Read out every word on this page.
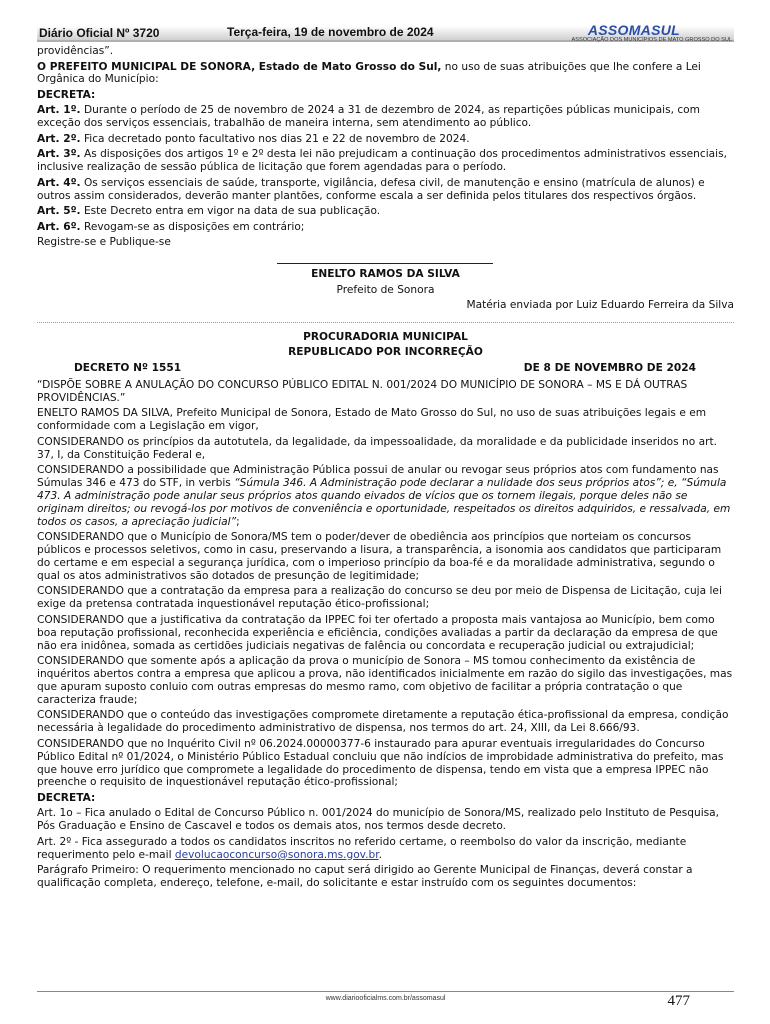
Diário Oficial Nº 3720	Terça-feira, 19 de novembro de 2024	ASSOMASUL
ASSOCIAÇÃO DOS MUNICÍPIOS DE MATO GROSSO DO SUL

providências”.

O PREFEITO MUNICIPAL DE SONORA, Estado de Mato Grosso do Sul, no uso de suas atribuições que lhe confere a Lei Orgânica do Município:

DECRETA:

Art. 1º. Durante o período de 25 de novembro de 2024 a 31 de dezembro de 2024, as repartições públicas municipais, com exceção dos serviços essenciais, trabalhão de maneira interna, sem atendimento ao público.

Art. 2º. Fica decretado ponto facultativo nos dias 21 e 22 de novembro de 2024.

Art. 3º. As disposições dos artigos 1º e 2º desta lei não prejudicam a continuação dos procedimentos administrativos essenciais, inclusive realização de sessão pública de licitação que forem agendadas para o período.

Art. 4º. Os serviços essenciais de saúde, transporte, vigilância, defesa civil, de manutenção e ensino (matrícula de alunos) e outros assim considerados, deverão manter plantões, conforme escala a ser definida pelos titulares dos respectivos órgãos.

Art. 5º. Este Decreto entra em vigor na data de sua publicação.

Art. 6º. Revogam-se as disposições em contrário;

Registre-se e Publique-se

ENELTO RAMOS DA SILVA

Prefeito de Sonora

Matéria enviada por Luiz Eduardo Ferreira da Silva

PROCURADORIA MUNICIPAL

REPUBLICADO POR INCORREÇÃO

DECRETO Nº 1551	DE 8 DE NOVEMBRO DE 2024

“DISPÕE SOBRE A ANULAÇÃO DO CONCURSO PÚBLICO EDITAL N. 001/2024 DO MUNICÍPIO DE SONORA – MS E DÁ OUTRAS PROVIDÊNCIAS.”

ENELTO RAMOS DA SILVA, Prefeito Municipal de Sonora, Estado de Mato Grosso do Sul, no uso de suas atribuições legais e em conformidade com a Legislação em vigor,

CONSIDERANDO os princípios da autotutela, da legalidade, da impessoalidade, da moralidade e da publicidade inseridos no art. 37, I, da Constituição Federal e,

CONSIDERANDO a possibilidade que Administração Pública possui de anular ou revogar seus próprios atos com fundamento nas Súmulas 346 e 473 do STF, in verbis “Súmula 346. A Administração pode declarar a nulidade dos seus próprios atos”; e, “Súmula 473. A administração pode anular seus próprios atos quando eivados de vícios que os tornem ilegais, porque deles não se originam direitos; ou revogá-los por motivos de conveniência e oportunidade, respeitados os direitos adquiridos, e ressalvada, em todos os casos, a apreciação judicial”;

CONSIDERANDO que o Município de Sonora/MS tem o poder/dever de obediência aos princípios que norteiam os concursos públicos e processos seletivos, como in casu, preservando a lisura, a transparência, a isonomia aos candidatos que participaram do certame e em especial a segurança jurídica, com o imperioso princípio da boa-fé e da moralidade administrativa, segundo o qual os atos administrativos são dotados de presunção de legitimidade;

CONSIDERANDO que a contratação da empresa para a realização do concurso se deu por meio de Dispensa de Licitação, cuja lei exige da pretensa contratada inquestionável reputação ético-profissional;

CONSIDERANDO que a justificativa da contratação da IPPEC foi ter ofertado a proposta mais vantajosa ao Município, bem como boa reputação profissional, reconhecida experiência e eficiência, condições avaliadas a partir da declaração da empresa de que não era inidônea, somada as certidões judiciais negativas de falência ou concordata e recuperação judicial ou extrajudicial;

CONSIDERANDO que somente após a aplicação da prova o município de Sonora – MS tomou conhecimento da existência de inquéritos abertos contra a empresa que aplicou a prova, não identificados inicialmente em razão do sigilo das investigações, mas que apuram suposto conluio com outras empresas do mesmo ramo, com objetivo de facilitar a própria contratação o que caracteriza fraude;

CONSIDERANDO que o conteúdo das investigações compromete diretamente a reputação ética-profissional da empresa, condição necessária à legalidade do procedimento administrativo de dispensa, nos termos do art. 24, XIII, da Lei 8.666/93.

CONSIDERANDO que no Inquérito Civil nº 06.2024.00000377-6 instaurado para apurar eventuais irregularidades do Concurso Público Edital nº 01/2024, o Ministério Público Estadual concluiu que não indícios de improbidade administrativa do prefeito, mas que houve erro jurídico que compromete a legalidade do procedimento de dispensa, tendo em vista que a empresa IPPEC não preenche o requisito de inquestionável reputação ético-profissional;

DECRETA:

Art. 1o – Fica anulado o Edital de Concurso Público n. 001/2024 do município de Sonora/MS, realizado pelo Instituto de Pesquisa, Pós Graduação e Ensino de Cascavel e todos os demais atos, nos termos desde decreto.

Art. 2º - Fica assegurado a todos os candidatos inscritos no referido certame, o reembolso do valor da inscrição, mediante requerimento pelo e-mail devolucaoconcurso@sonora.ms.gov.br.

Parágrafo Primeiro: O requerimento mencionado no caput será dirigido ao Gerente Municipal de Finanças, deverá constar a qualificação completa, endereço, telefone, e-mail, do solicitante e estar instruído com os seguintes documentos:

www.diariooficialms.com.br/assomasul	477
